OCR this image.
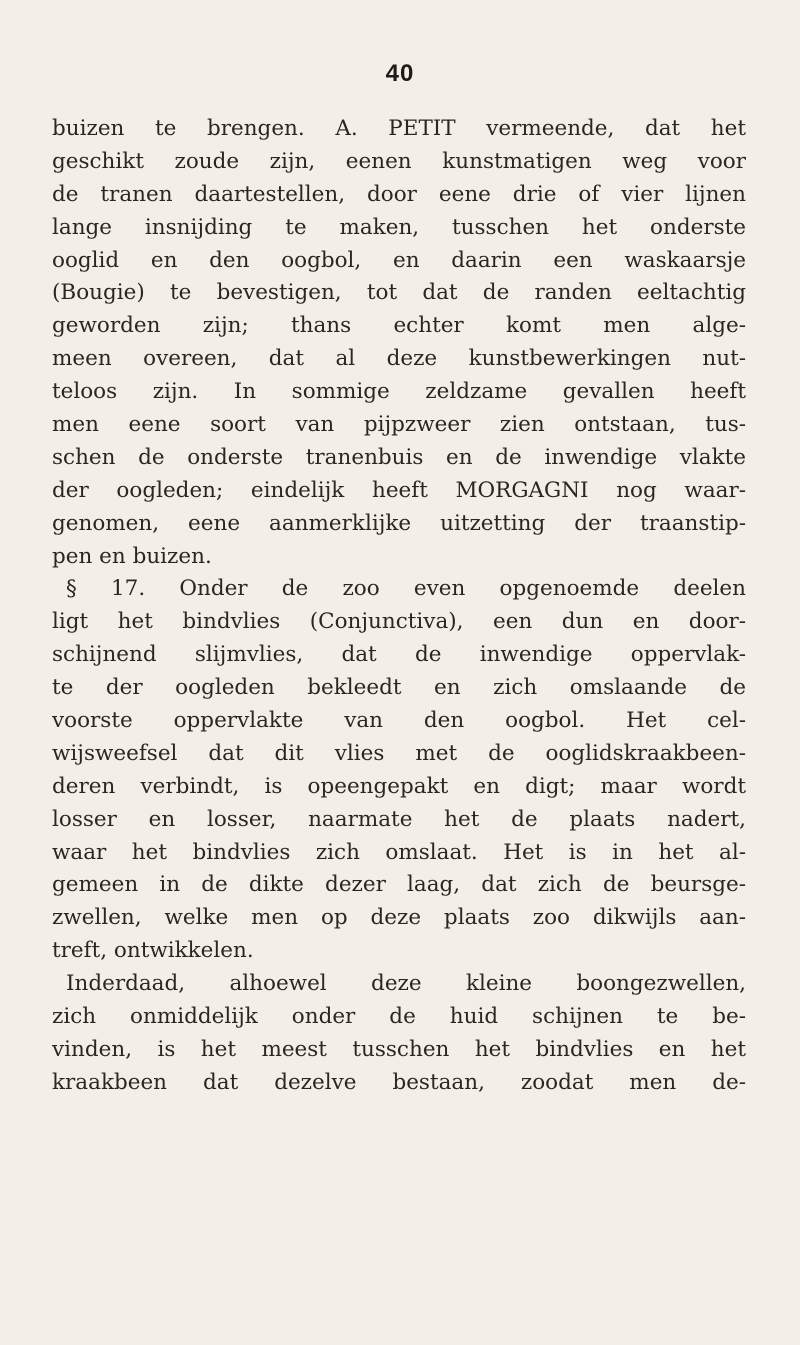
40
buizen te brengen. A. PETIT vermeende, dat het
geschikt zoude zijn, eenen kunstmatigen weg voor
de tranen daartestellen, door eene drie of vier lijnen
lange insnijding te maken, tusschen het onderste
ooglid en den oogbol, en daarin een waskaarsje
(Bougie) te bevestigen, tot dat de randen eeltachtig
geworden zijn; thans echter komt men alge-
meen overeen, dat al deze kunstbewerkingen nut-
teloos zijn. In sommige zeldzame gevallen heeft
men eene soort van pijpzweer zien ontstaan, tus-
schen de onderste tranenbuis en de inwendige vlakte
der oogleden; eindelijk heeft MORGAGNI nog waar-
genomen, eene aanmerklijke uitzetting der traanstip-
pen en buizen.
§ 17. Onder de zoo even opgenoemde deelen
ligt het bindvlies (Conjunctiva), een dun en door-
schijnend slijmvlies, dat de inwendige oppervlak-
te der oogleden bekleedt en zich omslaande de
voorste oppervlakte van den oogbol. Het cel-
wijsweefsel dat dit vlies met de ooglidskraakbeen-
deren verbindt, is opeengepakt en digt; maar wordt
losser en losser, naarmate het de plaats nadert,
waar het bindvlies zich omslaat. Het is in het al-
gemeen in de dikte dezer laag, dat zich de beursge-
zwellen, welke men op deze plaats zoo dikwijls aan-
treft, ontwikkelen.
Inderdaad, alhoewel deze kleine boongezwellen,
zich onmiddelijk onder de huid schijnen te be-
vinden, is het meest tusschen het bindvlies en het
kraakbeen dat dezelve bestaan, zoodat men de-
